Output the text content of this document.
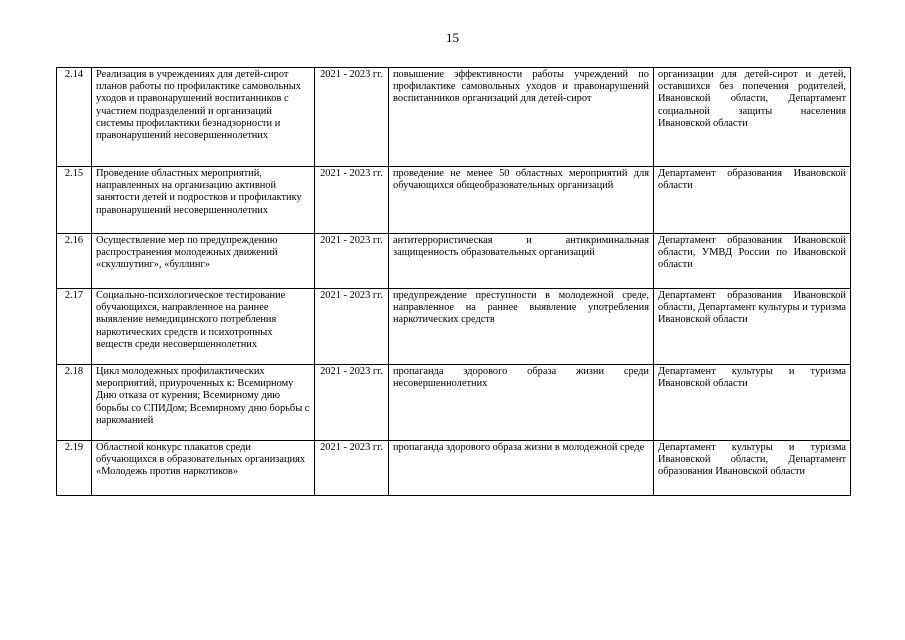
15
2.14	Реализация в учреждениях для детей-сирот планов работы по профилактике самовольных уходов и правонарушений воспитанников с участием подразделений и организаций системы профилактики безнадзорности и правонарушений несовершеннолетних	2021 - 2023 гг.	повышение эффективности работы учреждений по профилактике самовольных уходов и правонарушений воспитанников организаций для детей-сирот	организации для детей-сирот и детей, оставшихся без попечения родителей, Ивановской области, Департамент социальной защиты населения Ивановской области
2.15	Проведение областных мероприятий, направленных на организацию активной занятости детей и подростков и профилактику правонарушений несовершеннолетних	2021 - 2023 гг.	проведение не менее 50 областных мероприятий для обучающихся общеобразовательных организаций	Департамент образования Ивановской области
2.16	Осуществление мер по предупреждению распространения молодежных движений «скулшутинг», «буллинг»	2021 - 2023 гг.	антитеррористическая и антикриминальная защищенность образовательных организаций	Департамент образования Ивановской области, УМВД России по Ивановской области
2.17	Социально-психологическое тестирование обучающихся, направленное на раннее выявление немедицинского потребления наркотических средств и психотропных веществ среди несовершеннолетних	2021 - 2023 гг.	предупреждение преступности в молодежной среде, направленное на раннее выявление употребления наркотических средств	Департамент образования Ивановской области, Департамент культуры и туризма Ивановской области
2.18	Цикл молодежных профилактических мероприятий, приуроченных к: Всемирному Дню отказа от курения; Всемирному дню борьбы со СПИДом; Всемирному дню борьбы с наркоманией	2021 - 2023 гг.	пропаганда здорового образа жизни среди несовершеннолетних	Департамент культуры и туризма Ивановской области
2.19	Областной конкурс плакатов среди обучающихся в образовательных организациях «Молодежь против наркотиков»	2021 - 2023 гг.	пропаганда здорового образа жизни в молодежной среде	Департамент культуры и туризма Ивановской области, Департамент образования Ивановской области
